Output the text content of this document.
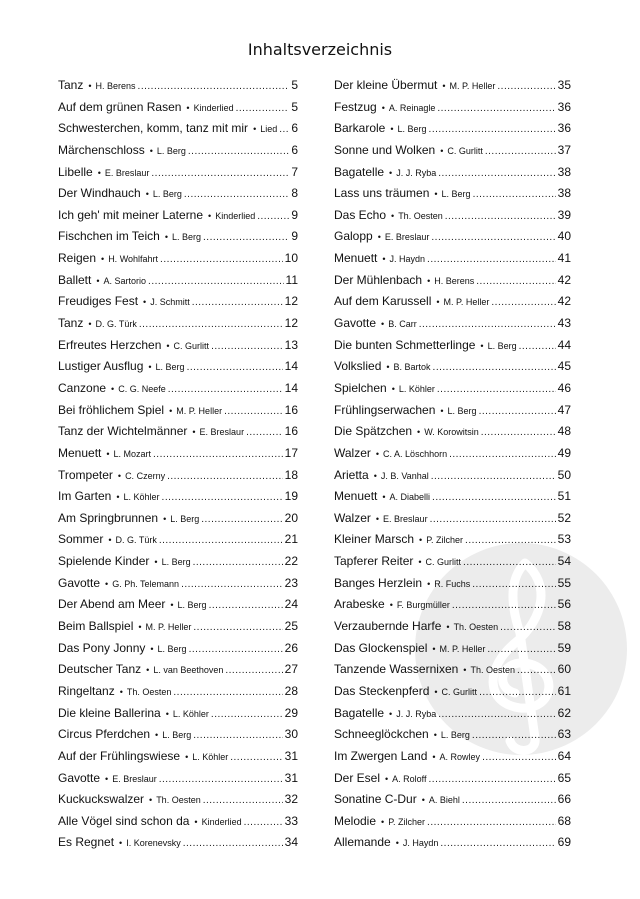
Inhaltsverzeichnis
Tanz	• H. Berens .....	5
Auf dem grünen Rasen	• Kinderlied .....	5
Schwesterchen, komm, tanz mit mir	• Lied ..... 6
Märchenschloss	• L. Berg .....	6
Libelle	• E. Breslaur .....	7
Der Windhauch	• L. Berg .....	8
Ich geh' mit meiner Laterne	• Kinderlied .....	9
Fischchen im Teich	• L. Berg .....	9
Reigen	• H. Wohlfahrt .....	10
Ballett	• A. Sartorio .....	11
Freudiges Fest	• J. Schmitt .....	12
Tanz	• D. G. Türk .....	12
Erfreutes Herzchen	• C. Gurlitt .....	13
Lustiger Ausflug	• L. Berg .....	14
Canzone	• C. G. Neefe .....	14
Bei fröhlichem Spiel	• M. P. Heller .....	16
Tanz der Wichtelmänner	• E. Breslaur .....	16
Menuett	• L. Mozart .....	17
Trompeter	• C. Czerny .....	18
Im Garten	• L. Köhler .....	19
Am Springbrunnen	• L. Berg .....	20
Sommer	• D. G. Türk .....	21
Spielende Kinder	• L. Berg .....	22
Gavotte	• G. Ph. Telemann .....	23
Der Abend am Meer	• L. Berg .....	24
Beim Ballspiel	• M. P. Heller .....	25
Das Pony Jonny	• L. Berg .....	26
Deutscher Tanz	• L. van Beethoven .....	27
Ringeltanz	• Th. Oesten .....	28
Die kleine Ballerina	• L. Köhler .....	29
Circus Pferdchen	• L. Berg .....	30
Auf der Frühlingswiese	• L. Köhler .....	31
Gavotte	• E. Breslaur .....	31
Kuckuckswalzer	• Th. Oesten .....	32
Alle Vögel sind schon da	• Kinderlied .....	33
Es Regnet	• I. Korenevsky .....	34
Der kleine Übermut	• M. P. Heller .....	35
Festzug	• A. Reinagle .....	36
Barkarole	• L. Berg .....	36
Sonne und Wolken	• C. Gurlitt .....	37
Bagatelle	• J. J. Ryba .....	38
Lass uns träumen	• L. Berg .....	38
Das Echo	• Th. Oesten .....	39
Galopp	• E. Breslaur .....	40
Menuett	• J. Haydn .....	41
Der Mühlenbach	• H. Berens .....	42
Auf dem Karussell	• M. P. Heller .....	42
Gavotte	• B. Carr .....	43
Die bunten Schmetterlinge	• L. Berg .....	44
Volkslied	• B. Bartok .....	45
Spielchen	• L. Köhler .....	46
Frühlingserwachen	• L. Berg .....	47
Die Spätzchen	• W. Korowitsin .....	48
Walzer	• C. A. Löschhorn .....	49
Arietta	• J. B. Vanhal .....	50
Menuett	• A. Diabelli .....	51
Walzer	• E. Breslaur .....	52
Kleiner Marsch	• P. Zilcher .....	53
Tapferer Reiter	• C. Gurlitt .....	54
Banges Herzlein	• R. Fuchs .....	55
Arabeske	• F. Burgmüller .....	56
Verzaubernde Harfe	• Th. Oesten .....	58
Das Glockenspiel	• M. P. Heller .....	59
Tanzende Wassernixen	• Th. Oesten .....	60
Das Steckenpferd	• C. Gurlitt .....	61
Bagatelle	• J. J. Ryba .....	62
Schneeglöckchen	• L. Berg .....	63
Im Zwergen Land	• A. Rowley .....	64
Der Esel	• A. Roloff .....	65
Sonatine C-Dur	• A. Biehl .....	66
Melodie	• P. Zilcher .....	68
Allemande	• J. Haydn .....	69
